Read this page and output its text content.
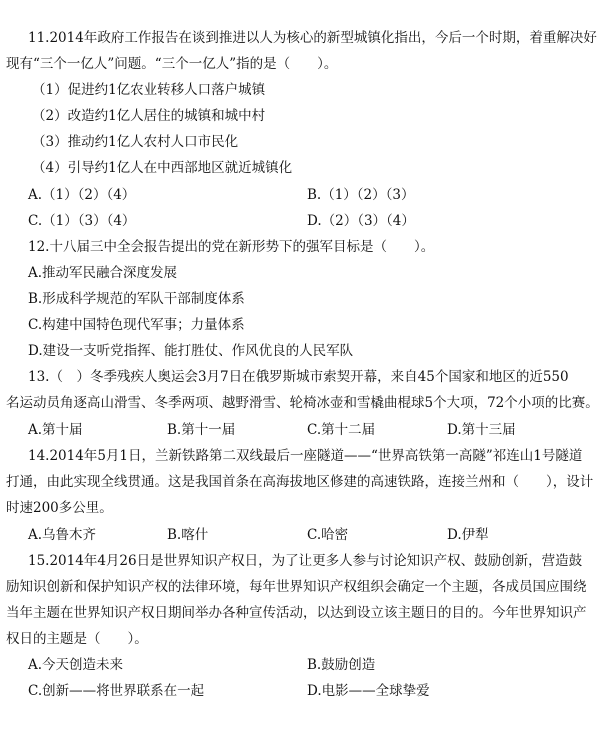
11.2014年政府工作报告在谈到推进以人为核心的新型城镇化指出，今后一个时期，着重解决好
现有“三个一亿人”问题。“三个一亿人”指的是（　　）。
（1）促进约1亿农业转移人口落户城镇
（2）改造约1亿人居住的城镇和城中村
（3）推动约1亿人农村人口市民化
（4）引导约1亿人在中西部地区就近城镇化
A.（1）（2）（4）	B.（1）（2）（3）
C.（1）（3）（4）	D.（2）（3）（4）
12.十八届三中全会报告提出的党在新形势下的强军目标是（　　）。
A.推动军民融合深度发展
B.形成科学规范的军队干部制度体系
C.构建中国特色现代军事；力量体系
D.建设一支听党指挥、能打胜仗、作风优良的人民军队
13.（　）冬季残疾人奥运会3月7日在俄罗斯城市索契开幕，来自45个国家和地区的近550
名运动员角逐高山滑雪、冬季两项、越野滑雪、轮椅冰壶和雪橇曲棍球5个大项，72个小项的比赛。
A.第十届	B.第十一届	C.第十二届	D.第十三届
14.2014年5月1日，兰新铁路第二双线最后一座隧道——“世界高铁第一高隧”祁连山1号隧道
打通，由此实现全线贯通。这是我国首条在高海拔地区修建的高速铁路，连接兰州和（　　），设计
时速200多公里。
A.乌鲁木齐	B.喀什	C.哈密	D.伊犁
15.2014年4月26日是世界知识产权日，为了让更多人参与讨论知识产权、鼓励创新，营造鼓
励知识创新和保护知识产权的法律环境，每年世界知识产权组织会确定一个主题，各成员国应围绕
当年主题在世界知识产权日期间举办各种宣传活动，以达到设立该主题日的目的。今年世界知识产
权日的主题是（　　）。
A.今天创造未来	B.鼓励创造
C.创新——将世界联系在一起	D.电影——全球挚爱
